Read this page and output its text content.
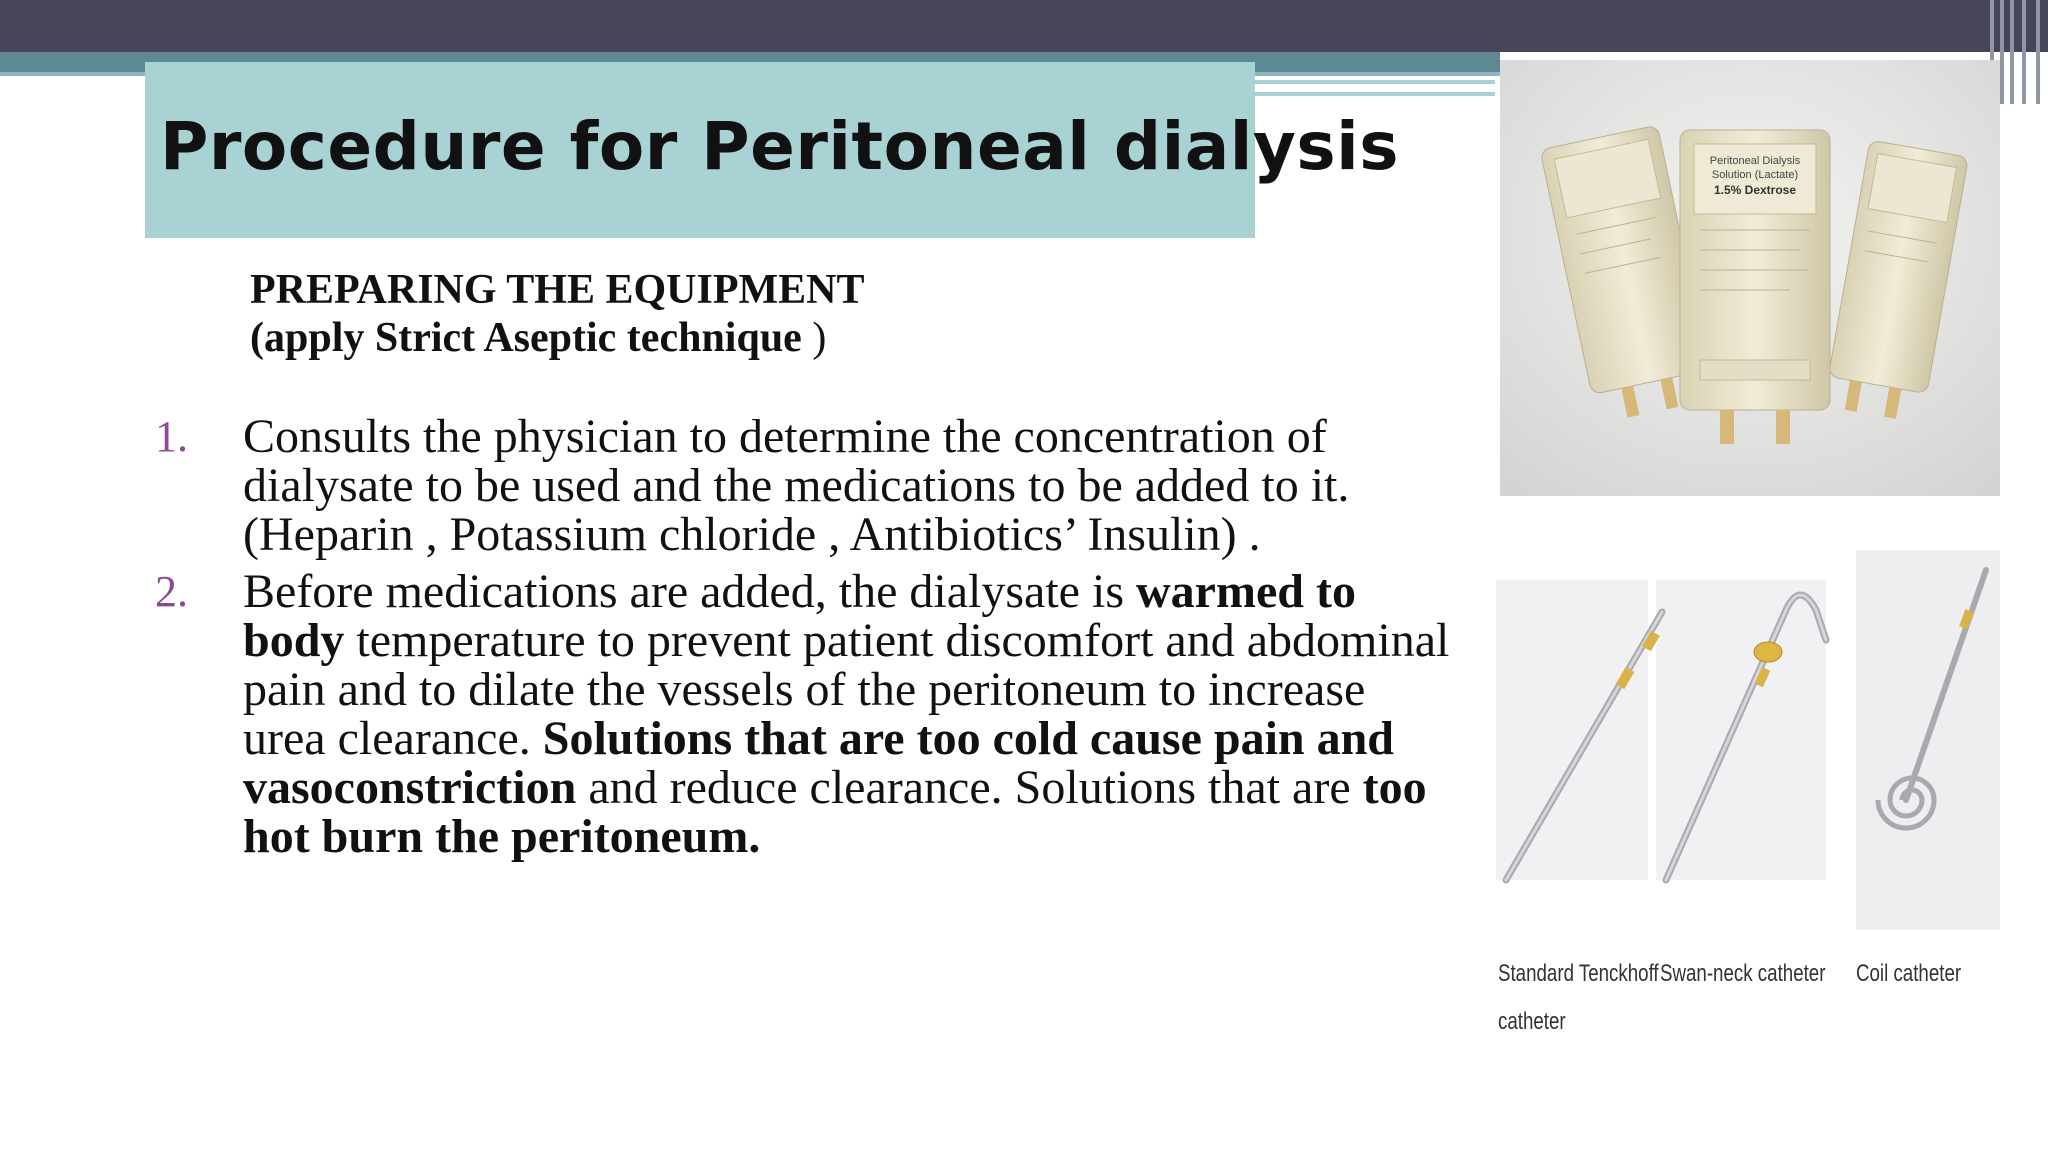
Procedure for Peritoneal dialysis
PREPARING THE EQUIPMENT
(apply Strict Aseptic technique )
1. Consults the physician to determine the concentration of dialysate to be used and the medications to be added to it. (Heparin , Potassium chloride , Antibiotics’ Insulin) .
2. Before medications are added, the dialysate is warmed to body temperature to prevent patient discomfort and abdominal pain and to dilate the vessels of the peritoneum to increase urea clearance. Solutions that are too cold cause pain and vasoconstriction and reduce clearance. Solutions that are too hot burn the peritoneum.
Peritoneal Dialysis
Solution (Lactate)
1.5% Dextrose
Standard Tenckhoff
catheter
Swan-neck catheter Coil catheter
